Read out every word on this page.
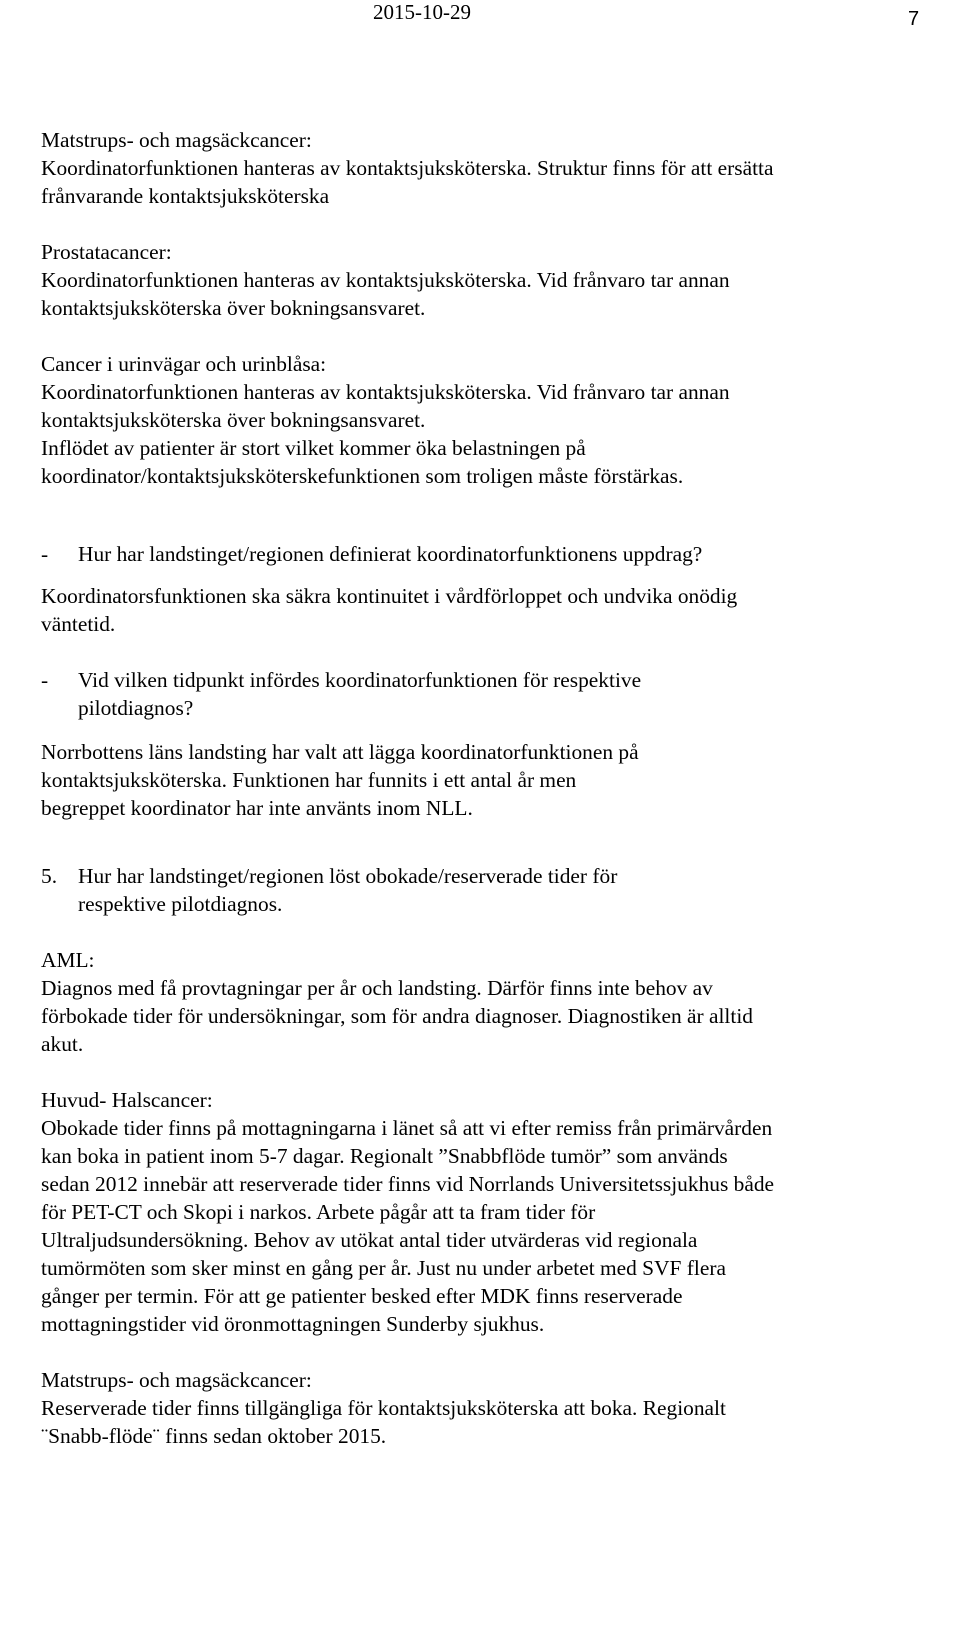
2015-10-29	7

Matstrups- och magsäckcancer:

Koordinatorfunktionen hanteras av kontaktsjuksköterska. Struktur finns för att ersätta

frånvarande kontaktsjuksköterska

Prostatacancer:

Koordinatorfunktionen hanteras av kontaktsjuksköterska. Vid frånvaro tar annan

kontaktsjuksköterska över bokningsansvaret.

Cancer i urinvägar och urinblåsa:

Koordinatorfunktionen hanteras av kontaktsjuksköterska. Vid frånvaro tar annan

kontaktsjuksköterska över bokningsansvaret.

Inflödet av patienter är stort vilket kommer öka belastningen på

koordinator/kontaktsjuksköterskefunktionen som troligen måste förstärkas.

- Hur har landstinget/regionen definierat koordinatorfunktionens uppdrag?

Koordinatorsfunktionen ska säkra kontinuitet i vårdförloppet och undvika onödig

väntetid.

- Vid vilken tidpunkt infördes koordinatorfunktionen för respektive

pilotdiagnos?

Norrbottens läns landsting har valt att lägga koordinatorfunktionen på

kontaktsjuksköterska. Funktionen har funnits i ett antal år men

begreppet koordinator har inte använts inom NLL.

5. Hur har landstinget/regionen löst obokade/reserverade tider för

respektive pilotdiagnos.

AML:

Diagnos med få provtagningar per år och landsting. Därför finns inte behov av

förbokade tider för undersökningar, som för andra diagnoser. Diagnostiken är alltid

akut.

Huvud- Halscancer:

Obokade tider finns på mottagningarna i länet så att vi efter remiss från primärvården

kan boka in patient inom 5-7 dagar. Regionalt ”Snabbflöde tumör” som används

sedan 2012 innebär att reserverade tider finns vid Norrlands Universitetssjukhus både

för PET-CT och Skopi i narkos. Arbete pågår att ta fram tider för

Ultraljudsundersökning. Behov av utökat antal tider utvärderas vid regionala

tumörmöten som sker minst en gång per år. Just nu under arbetet med SVF flera

gånger per termin. För att ge patienter besked efter MDK finns reserverade

mottagningstider vid öronmottagningen Sunderby sjukhus.

Matstrups- och magsäckcancer:

Reserverade tider finns tillgängliga för kontaktsjuksköterska att boka. Regionalt

¨Snabb-flöde¨ finns sedan oktober 2015.
